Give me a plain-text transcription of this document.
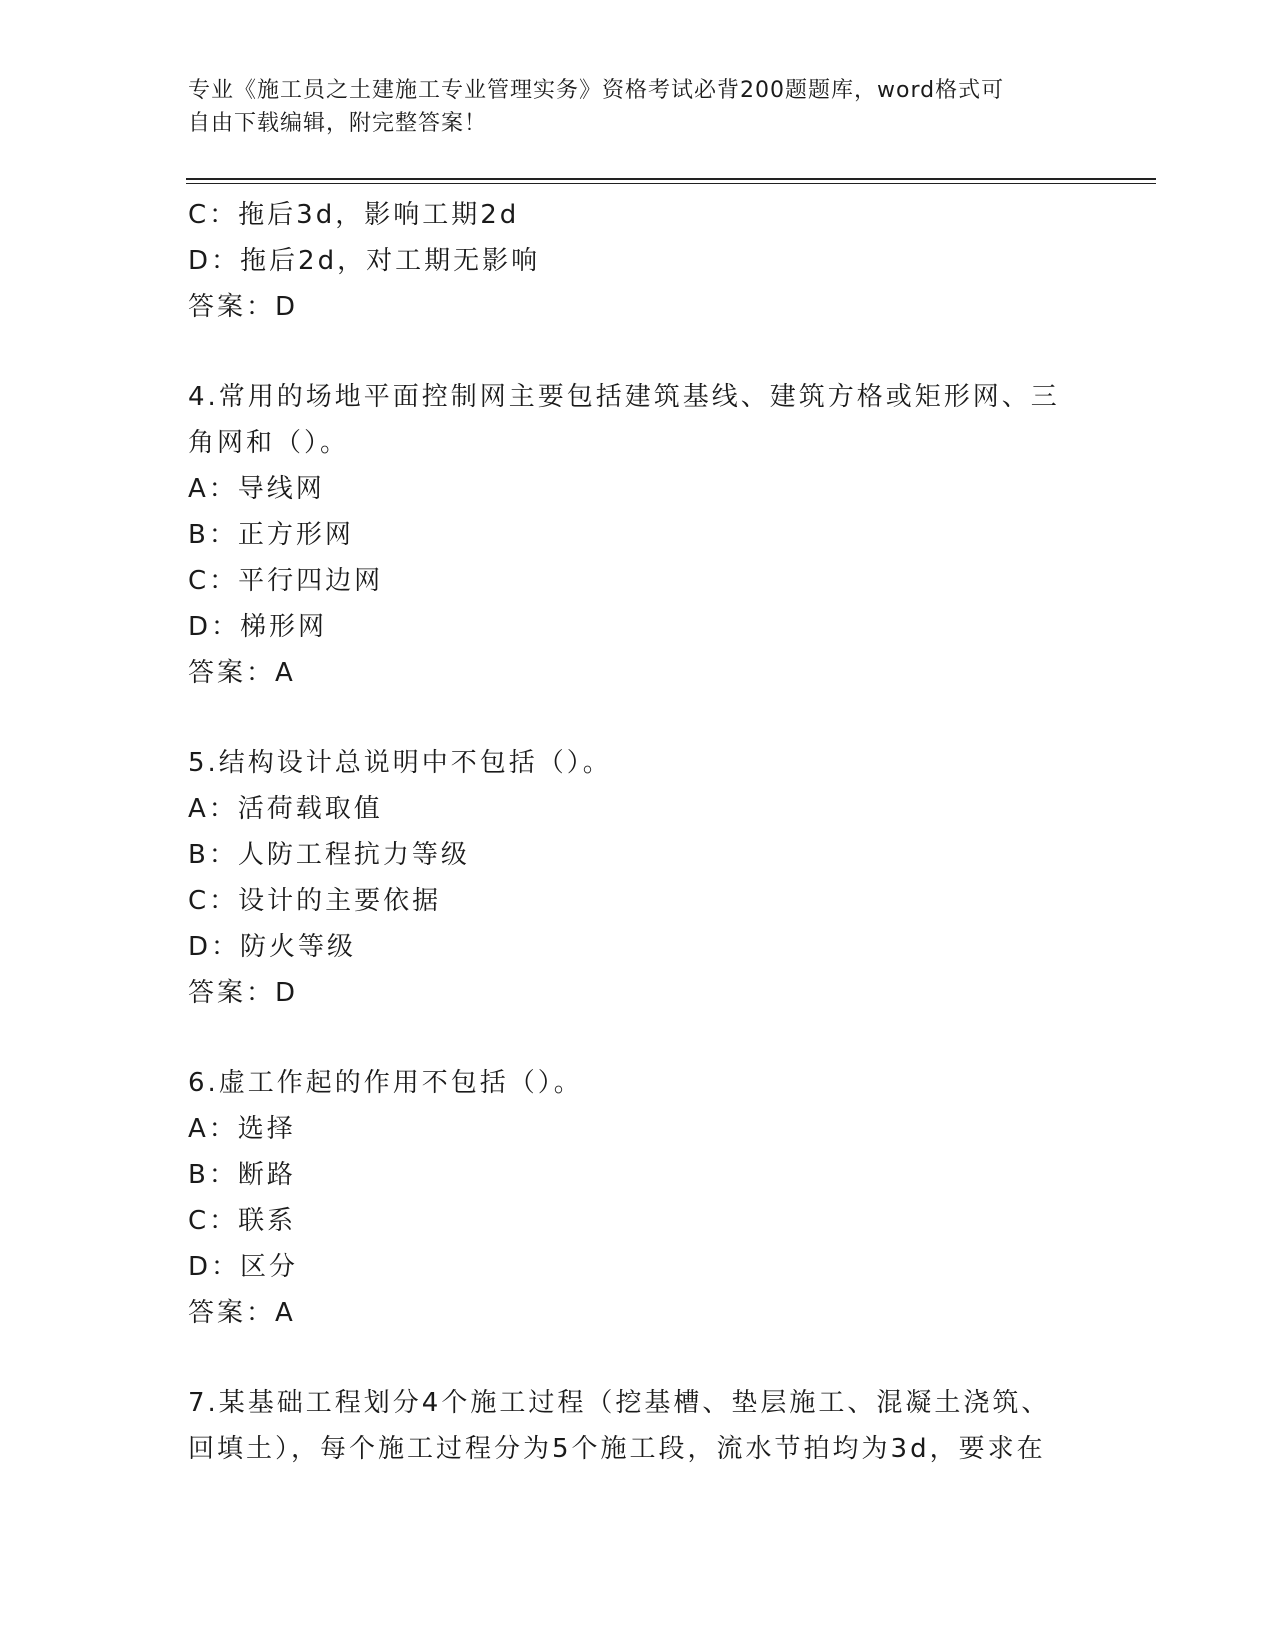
专业《施工员之土建施工专业管理实务》资格考试必背200题题库，word格式可
自由下载编辑，附完整答案！
C：拖后3d，影响工期2d
D：拖后2d，对工期无影响
答案：D
4.常用的场地平面控制网主要包括建筑基线、建筑方格或矩形网、三
角网和（）。
A：导线网
B：正方形网
C：平行四边网
D：梯形网
答案：A
5.结构设计总说明中不包括（）。
A：活荷载取值
B：人防工程抗力等级
C：设计的主要依据
D：防火等级
答案：D
6.虚工作起的作用不包括（）。
A：选择
B：断路
C：联系
D：区分
答案：A
7.某基础工程划分4个施工过程（挖基槽、垫层施工、混凝土浇筑、
回填土），每个施工过程分为5个施工段，流水节拍均为3d，要求在
